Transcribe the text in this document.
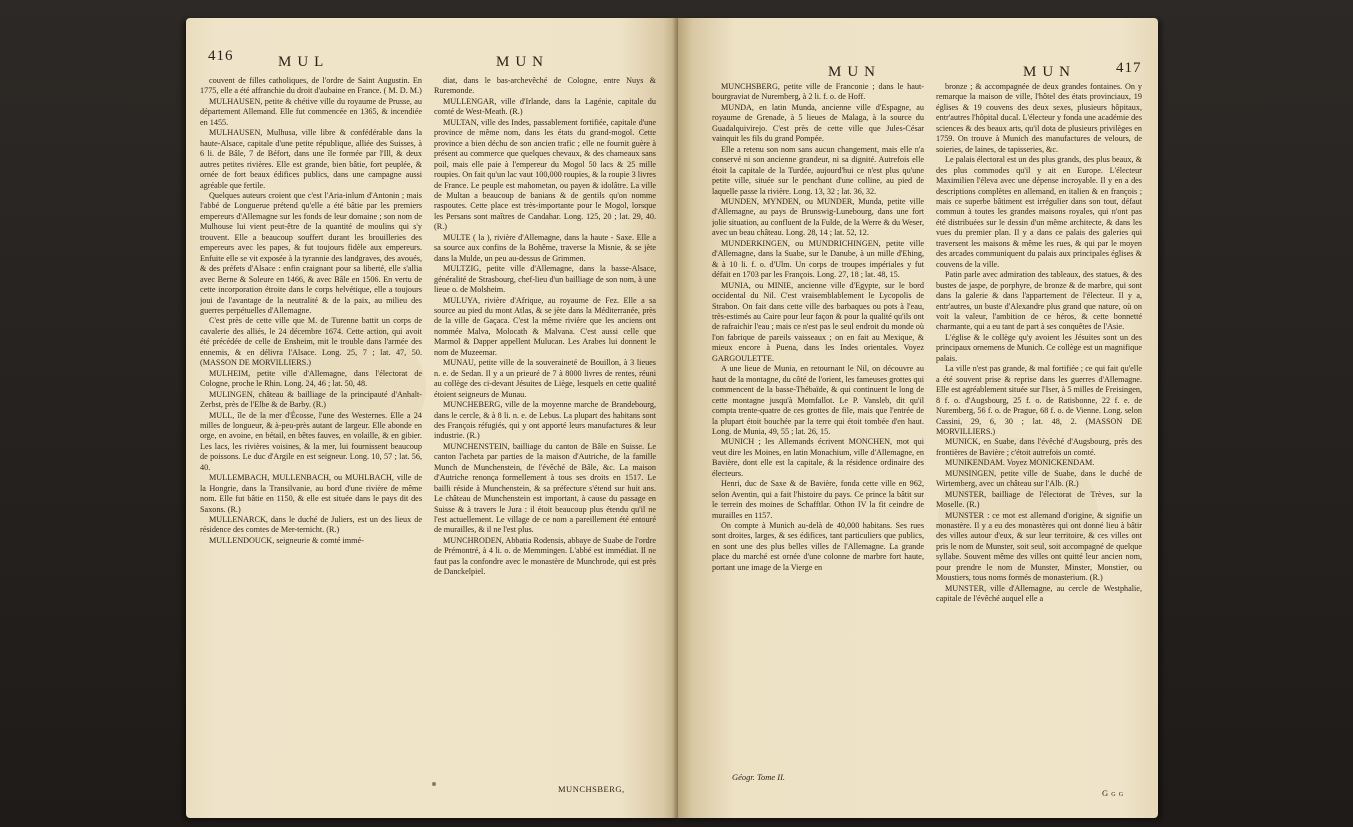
416	MUL	MUN

couvent de filles catholiques, de l'ordre de Saint Augustin. En 1775, elle a été affranchie du droit d'aubaine en France. ( M. D. M.)

MULHAUSEN, petite & chétive ville du royaume de Prusse, au département Allemand. Elle fut commencée en 1365, & incendiée en 1455.

MULHAUSEN, Mulhusa, ville libre & confédérable dans la haute-Alsace, capitale d'une petite république, alliée des Suisses, à 6 li. de Bâle, 7 de Béfort, dans une île formée par l'Ill, & deux autres petites rivières. Elle est grande, bien bâtie, fort peuplée, & ornée de fort beaux édifices publics, dans une campagne aussi agréable que fertile.

Quelques auteurs croient que c'est l'Aria-inlum d'Antonin ; mais l'abbé de Longuerue prétend qu'elle a été bâtie par les premiers empereurs d'Allemagne sur les fonds de leur domaine ; son nom de Mulhouse lui vient peut-être de la quantité de moulins qui s'y trouvent. Elle a beaucoup souffert durant les brouilleries des empereurs avec les papes, & fut toujours fidèle aux empereurs. Enfuite elle se vit exposée à la tyrannie des landgraves, des avoués, & des préfets d'Alsace : enfin craignant pour sa liberté, elle s'allia avec Berne & Soleure en 1466, & avec Bâle en 1506. En vertu de cette incorporation étroite dans le corps helvétique, elle a toujours joui de l'avantage de la neutralité & de la paix, au milieu des guerres perpétuelles d'Allemagne.

C'est près de cette ville que M. de Turenne battit un corps de cavalerie des alliés, le 24 décembre 1674. Cette action, qui avoit été précédée de celle de Ensheim, mit le trouble dans l'armée des ennemis, & en délivra l'Alsace. Long. 25, 7 ; lat. 47, 50. (MASSON DE MORVILLIERS.)

MULHEIM, petite ville d'Allemagne, dans l'électorat de Cologne, proche le Rhin. Long. 24, 46 ; lat. 50, 48.

MULINGEN, château & bailliage de la principauté d'Anhalt-Zerbst, près de l'Elbe & de Barby. (R.)

MULL, île de la mer d'Écosse, l'une des Westernes. Elle a 24 milles de longueur, & à-peu-près autant de largeur. Elle abonde en orge, en avoine, en bétail, en bêtes fauves, en volaille, & en gibier. Les lacs, les rivières voisines, & la mer, lui fournissent beaucoup de poissons. Le duc d'Argile en est seigneur. Long. 10, 57 ; lat. 56, 40.

MULLEMBACH, MULLENBACH, ou MUHLBACH, ville de la Hongrie, dans la Transilvanie, au bord d'une rivière de même nom. Elle fut bâtie en 1150, & elle est située dans le pays dit des Saxons. (R.)

MULLENARCK, dans le duché de Juliers, est un des lieux de résidence des comtes de Mer-ternicht. (R.)

MULLENDOUCK, seigneurie & comté immé-

diat, dans le bas-archevêché de Cologne, entre Nuys & Ruremonde.

MULLENGAR, ville d'Irlande, dans la Lagénie, capitale du comté de West-Meath. (R.)

MULTAN, ville des Indes, passablement fortifiée, capitale d'une province de même nom, dans les états du grand-mogol. Cette province a bien déchu de son ancien trafic ; elle ne fournit guère à présent au commerce que quelques chevaux, & des chameaux sans poil, mais elle paie à l'empereur du Mogol 50 lacs & 25 mille roupies. On fait qu'un lac vaut 100,000 roupies, & la roupie 3 livres de France. Le peuple est mahometan, ou payen & idolâtre. La ville de Multan a beaucoup de banians & de gentils qu'on nomme raspoutes. Cette place est très-importante pour le Mogol, lorsque les Persans sont maîtres de Candahar. Long. 125, 20 ; lat. 29, 40. (R.)

MULTE ( la ), rivière d'Allemagne, dans la haute - Saxe. Elle a sa source aux confins de la Bohême, traverse la Misnie, & se jète dans la Mulde, un peu au-dessus de Grimmen.

MULTZIG, petite ville d'Allemagne, dans la basse-Alsace, généralité de Strasbourg, chef-lieu d'un bailliage de son nom, à une lieue o. de Molsheim.

MULUYA, rivière d'Afrique, au royaume de Fez. Elle a sa source au pied du mont Atlas, & se jète dans la Méditerranée, près de la ville de Gaçaca. C'est la même rivière que les anciens ont nommée Malva, Molocath & Malvana. C'est aussi celle que Marmol & Dapper appellent Mulucan. Les Arabes lui donnent le nom de Muzeemar.

MUNAU, petite ville de la souveraineté de Bouillon, à 3 lieues n. e. de Sedan. Il y a un prieuré de 7 à 8000 livres de rentes, réuni au collège des ci-devant Jésuites de Liège, lesquels en cette qualité étoient seigneurs de Munau.

MUNCHEBERG, ville de la moyenne marche de Brandebourg, dans le cercle, & à 8 li. n. e. de Lebus. La plupart des habitans sont des François réfugiés, qui y ont apporté leurs manufactures & leur industrie. (R.)

MUNCHENSTEIN, bailliage du canton de Bâle en Suisse. Le canton l'acheta par parties de la maison d'Autriche, de la famille Munch de Munchenstein, de l'évêché de Bâle, &c. La maison d'Autriche renonça formellement à tous ses droits en 1517. Le bailli réside à Munchenstein, & sa préfecture s'étend sur huit ans. Le château de Munchenstein est important, à cause du passage en Suisse & à travers le Jura : il étoit beaucoup plus étendu qu'il ne l'est actuellement. Le village de ce nom a pareillement été entouré de murailles, & il ne l'est plus.

MUNCHRODEN, Abbatia Rodensis, abbaye de Suabe de l'ordre de Prémontré, à 4 li. o. de Memmingen. L'abbé est immédiat. Il ne faut pas la confondre avec le monastère de Munchrode, qui est près de Danckelpiel.

MUNCHSBERG,
MUN	MUN	417

MUNCHSBERG, petite ville de Franconie ; dans le haut-bourgraviat de Nuremberg, à 2 li. f. o. de Hoff.

MUNDA, en latin Munda, ancienne ville d'Espagne, au royaume de Grenade, à 5 lieues de Malaga, à la source du Guadalquivirejo. C'est près de cette ville que Jules-César vainquit les fils du grand Pompée.

Elle a retenu son nom sans aucun changement, mais elle n'a conservé ni son ancienne grandeur, ni sa dignité. Autrefois elle étoit la capitale de la Turdée, aujourd'hui ce n'est plus qu'une petite ville, située sur le penchant d'une colline, au pied de laquelle passe la rivière. Long. 13, 32 ; lat. 36, 32.

MUNDEN, MYNDEN, ou MUNDER, Munda, petite ville d'Allemagne, au pays de Brunswig-Lunebourg, dans une fort jolie situation, au confluent de la Fulde, de la Werre & du Weser, avec un beau château. Long. 28, 14 ; lat. 52, 12.

MUNDERKINGEN, ou MUNDRICHINGEN, petite ville d'Allemagne, dans la Suabe, sur le Danube, à un mille d'Ehing, & à 10 li. f. o. d'Ulm. Un corps de troupes impériales y fut défait en 1703 par les François. Long. 27, 18 ; lat. 48, 15.

MUNIA, ou MINIE, ancienne ville d'Egypte, sur le bord occidental du Nil. C'est vraisemblablement le Lycopolis de Strabon. On fait dans cette ville des barbaques ou pots à l'eau, très-estimés au Caire pour leur façon & pour la qualité qu'ils ont de rafraichir l'eau ; mais ce n'est pas le seul endroit du monde où l'on fabrique de pareils vaisseaux ; on en fait au Mexique, & mieux encore à Puena, dans les Indes orientales. Voyez GARGOULETTE.

A une lieue de Munia, en retournant le Nil, on découvre au haut de la montagne, du côté de l'orient, les fameuses grottes qui commencent de la basse-Thébaïde, & qui continuent le long de cette montagne jusqu'à Momfallot. Le P. Vansleb, dit qu'il compta trente-quatre de ces grottes de file, mais que l'entrée de la plupart étoit bouchée par la terre qui étoit tombée d'en haut. Long. de Munia, 49, 55 ; lat. 26, 15.

MUNICH ; les Allemands écrivent MONCHEN, mot qui veut dire les Moines, en latin Monachium, ville d'Allemagne, en Bavière, dont elle est la capitale, & la résidence ordinaire des électeurs.

Henri, duc de Saxe & de Bavière, fonda cette ville en 962, selon Aventin, qui a fait l'histoire du pays. Ce prince la bâtit sur le terrein des moines de Schafftlar. Othon IV la fit ceindre de murailles en 1157.

On compte à Munich au-delà de 40,000 habitans. Ses rues sont droites, larges, & ses édifices, tant particuliers que publics, en sont une des plus belles villes de l'Allemagne. La grande place du marché est ornée d'une colonne de marbre fort haute, portant une image de la Vierge en

bronze ; & accompagnée de deux grandes fontaines. On y remarque la maison de ville, l'hôtel des états provinciaux, 19 églises & 19 couvens des deux sexes, plusieurs hôpitaux, entr'autres l'hôpital ducal. L'électeur y fonda une académie des sciences & des beaux arts, qu'il dota de plusieurs privilèges en 1759. On trouve à Munich des manufactures de velours, de soieries, de laines, de tapisseries, &c.

Le palais électoral est un des plus grands, des plus beaux, & des plus commodes qu'il y ait en Europe. L'électeur Maximilien l'éleva avec une dépense incroyable. Il y en a des descriptions complètes en allemand, en italien & en françois ; mais ce superbe bâtiment est irrégulier dans son tout, défaut commun à toutes les grandes maisons royales, qui n'ont pas été distribuées sur le dessin d'un même architecte, & dans les vues du premier plan. Il y a dans ce palais des galeries qui traversent les maisons & même les rues, & qui par le moyen des arcades communiquent du palais aux principales églises & couvens de la ville.

Patin parle avec admiration des tableaux, des statues, & des bustes de jaspe, de porphyre, de bronze & de marbre, qui sont dans la galerie & dans l'appartement de l'électeur. Il y a, entr'autres, un buste d'Alexandre plus grand que nature, où on voit la valeur, l'ambition de ce héros, & cette bonnetté charmante, qui a eu tant de part à ses conquêtes de l'Asie.

L'église & le collège qu'y avoient les Jésuites sont un des principaux ornemens de Munich. Ce collège est un magnifique palais.

La ville n'est pas grande, & mal fortifiée ; ce qui fait qu'elle a été souvent prise & reprise dans les guerres d'Allemagne. Elle est agréablement située sur l'Iser, à 5 milles de Freisingen, 8 f. o. d'Augsbourg, 25 f. o. de Ratisbonne, 22 f. e. de Nuremberg, 56 f. o. de Prague, 68 f. o. de Vienne. Long. selon Cassini, 29, 6, 30 ; lat. 48, 2. (MASSON DE MORVILLIERS.)

MUNICK, en Suabe, dans l'évêché d'Augsbourg, près des frontières de Bavière ; c'étoit autrefois un comté.

MUNIKENDAM. Voyez MONICKENDAM.

MUNSINGEN, petite ville de Suabe, dans le duché de Wirtemberg, avec un château sur l'Alb. (R.)

MUNSTER, bailliage de l'électorat de Trèves, sur la Moselle. (R.)

MUNSTER : ce mot est allemand d'origine, & signifie un monastère. Il y a eu des monastères qui ont donné lieu à bâtir des villes autour d'eux, & sur leur territoire, & ces villes ont pris le nom de Munster, soit seul, soit accompagné de quelque syllabe. Souvent même des villes ont quitté leur ancien nom, pour prendre le nom de Munster, Minster, Monstier, ou Moustiers, tous noms formés de monasterium. (R.)

MUNSTER, ville d'Allemagne, au cercle de Westphalie, capitale de l'évêché auquel elle a

Géogr. Tome II.
G g g
